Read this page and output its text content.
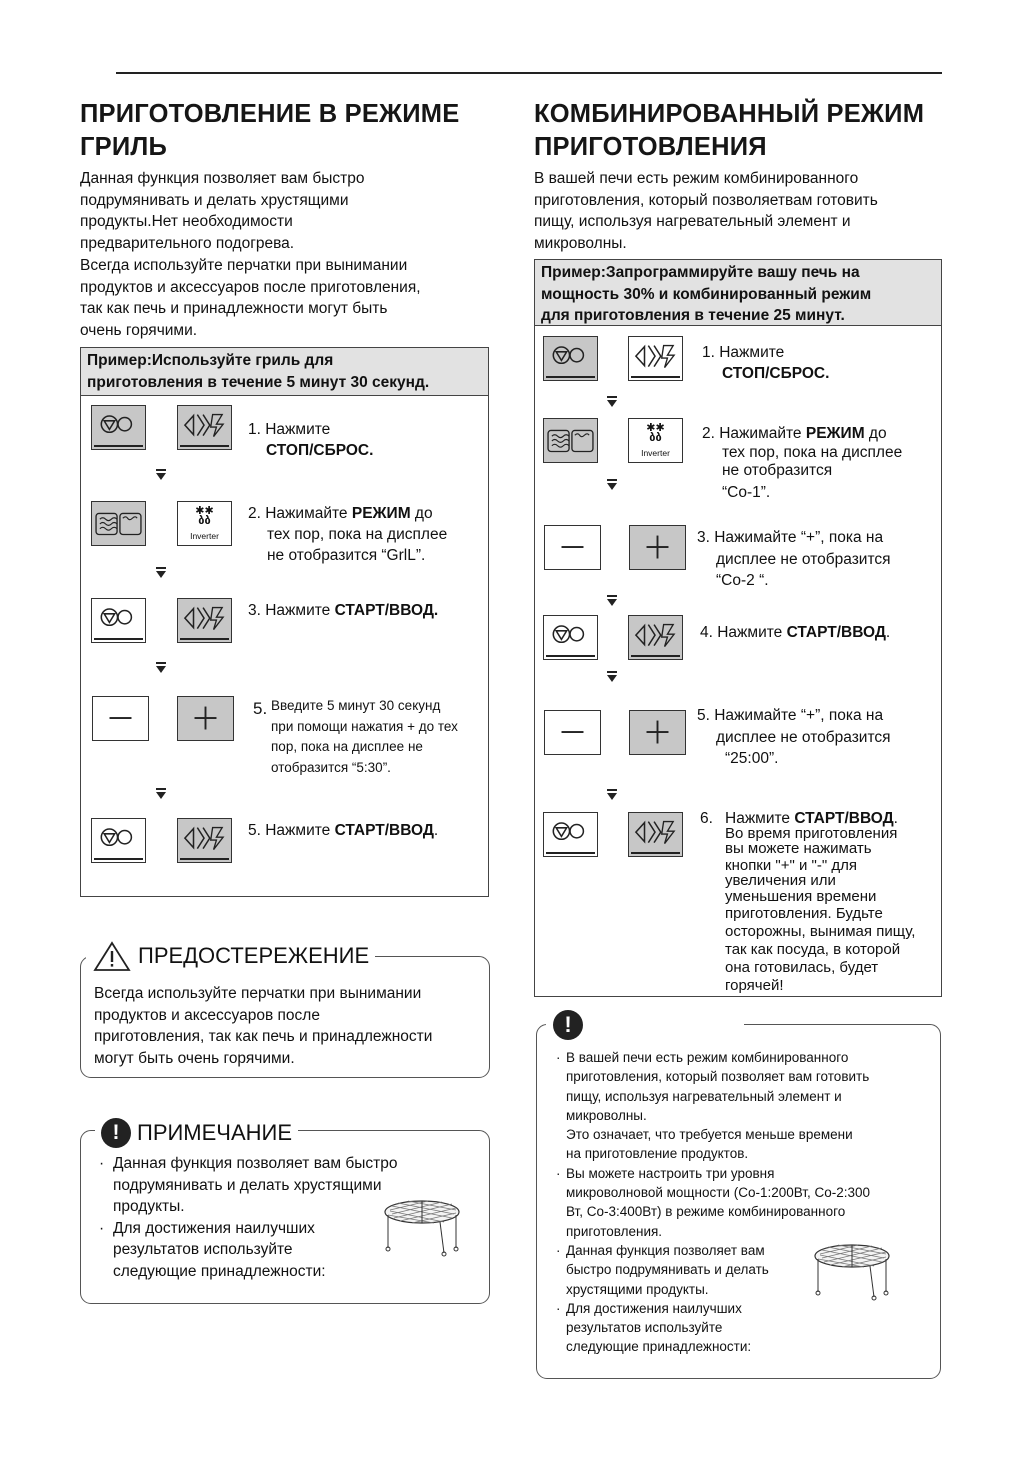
ПРИГОТОВЛЕНИЕ В РЕЖИМЕ
ГРИЛЬ
Данная функция позволяет вам быстро
подрумянивать и делать хрустящими
продукты.Нет необходимости
предварительного подогрева.
Всегда используйте перчатки при вынимании
продуктов и аксессуаров после приготовления,
так как печь и принадлежности могут быть
очень горячими.
Пример:Используйте гриль для
приготовления в течение 5 минут 30 секунд.
1. Нажмите
СТОП/СБРОС.
✱✱
ბბ
Inverter
2. Нажимайте РЕЖИМ до
тех пор, пока на дисплее
не отобразится “GrlL”.
3. Нажмите СТАРТ/ВВОД.
5. Введите 5 минут 30 секунд
при помощи нажатия + до тех
пор, пока на дисплее не
отобразится “5:30”.
5. Нажмите СТАРТ/ВВОД.
ПРЕДОСТЕРЕЖЕНИЕ
Всегда используйте перчатки при вынимании
продуктов и аксессуаров после
приготовления, так как печь и принадлежности
могут быть очень горячими.
! ПРИМЕЧАНИЕ
· Данная функция позволяет вам быстро
подрумянивать и делать хрустящими
продукты.
· Для достижения наилучших
результатов используйте
следующие принадлежности:
КОМБИНИРОВАННЫЙ РЕЖИМ
ПРИГОТОВЛЕНИЯ
В вашей печи есть режим комбинированного
приготовления, который позволяетвам готовить
пищу, используя нагревательный элемент и
микроволны.
Пример:Запрограммируйте вашу печь на
мощность 30% и комбинированный режим
для приготовления в течение 25 минут.
1. Нажмите
СТОП/СБРОС.
✱✱
ბბ
Inverter
2. Нажимайте РЕЖИМ до
тех пор, пока на дисплее
не отобразится
“Co-1”.
3. Нажимайте “+”, пока на
дисплее не отобразится
“Co-2 “.
4. Нажмите СТАРТ/ВВОД.
5. Нажимайте “+”, пока на
дисплее не отобразится
“25:00”.
6. Нажмите СТАРТ/ВВОД.
Во время приготовления
вы можете нажимать
кнопки "+" и "-" для
увеличения или
уменьшения времени
приготовления. Будьте
осторожны, вынимая пищу,
так как посуда, в которой
она готовилась, будет
горячей!
!
· В вашей печи есть режим комбинированного
приготовления, который позволяет вам готовить
пищу, используя нагревательный элемент и
микроволны.
Это означает, что требуется меньше времени
на приготовление продуктов.
· Вы можете настроить три уровня
микроволновой мощности (Co-1:200Вт, Co-2:300
Вт, Co-3:400Вт) в режиме комбинированного
приготовления.
· Данная функция позволяет вам
быстро подрумянивать и делать
хрустящими продукты.
· Для достижения наилучших
результатов используйте
следующие принадлежности:
